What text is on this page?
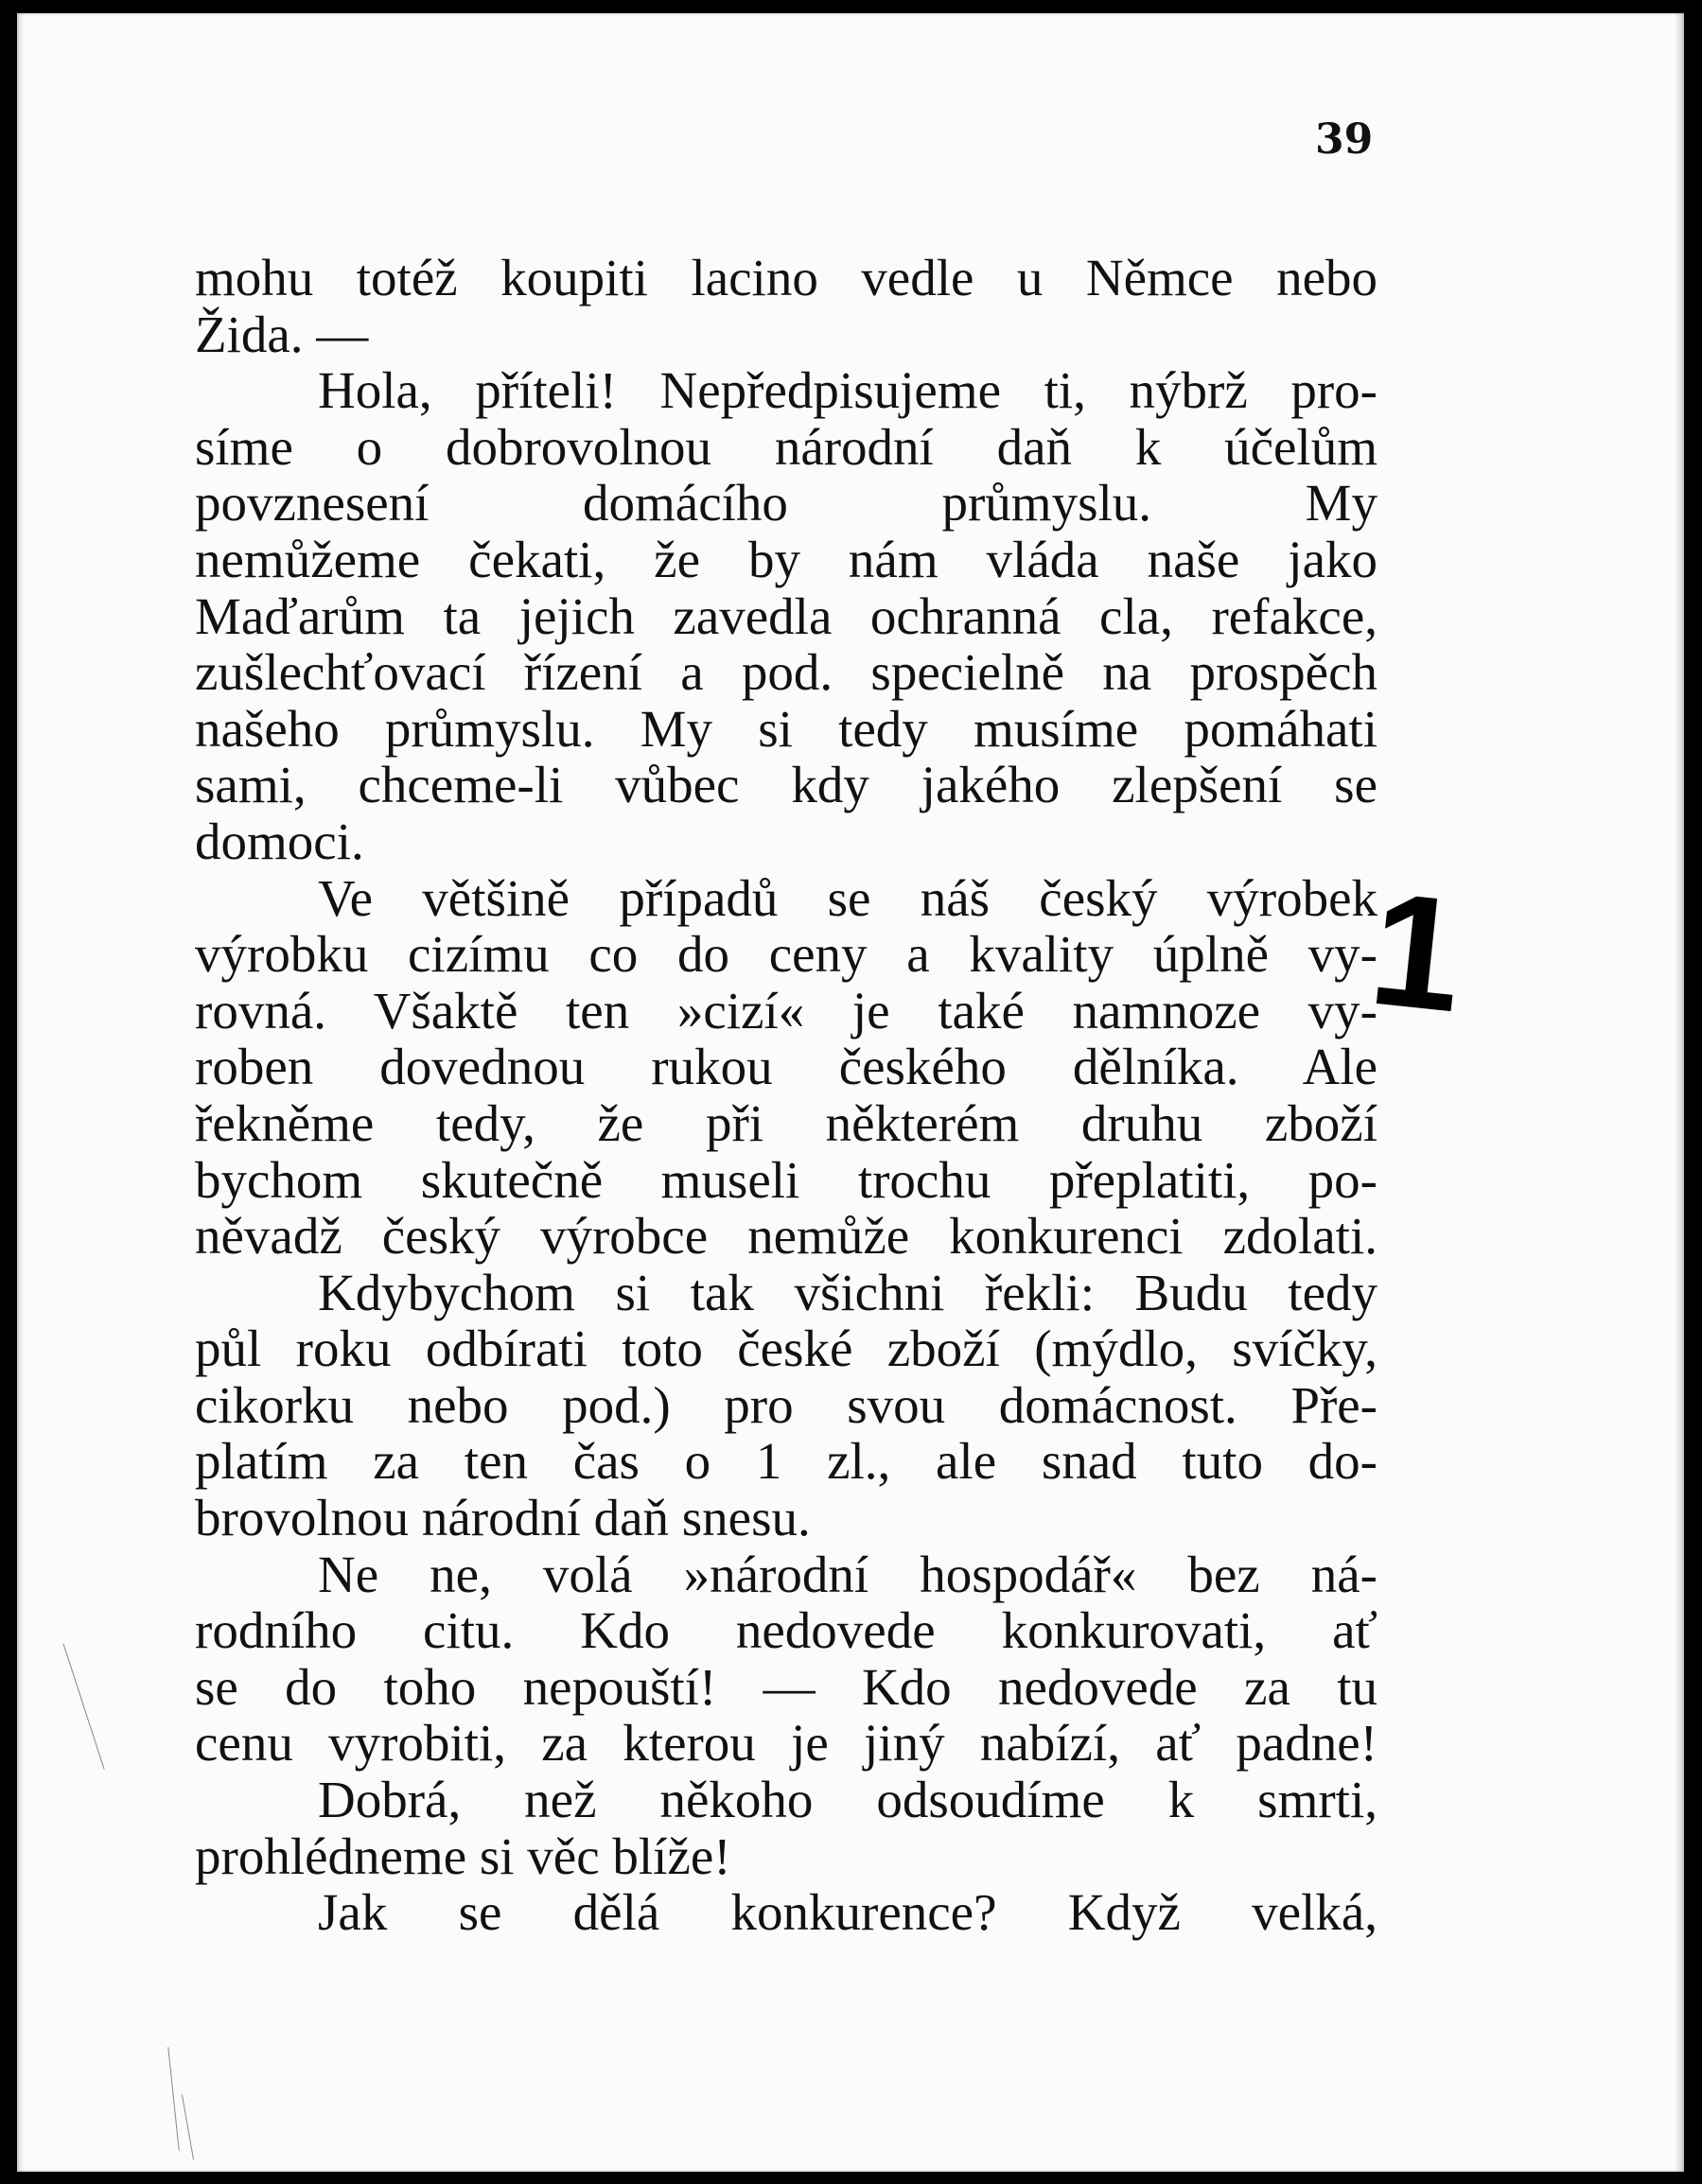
39
mohu totéž koupiti lacino vedle u Němce nebo
Žida. —
Hola, příteli! Nepředpisujeme ti, nýbrž pro-
síme o dobrovolnou národní daň k účelům
povznesení domácího průmyslu. My
nemůžeme čekati, že by nám vláda naše jako
Maďarům ta jejich zavedla ochranná cla, refakce,
zušlechťovací řízení a pod. specielně na prospěch
našeho průmyslu. My si tedy musíme pomáhati
sami, chceme-li vůbec kdy jakého zlepšení se
domoci.
Ve většině případů se náš český výrobek
výrobku cizímu co do ceny a kvality úplně vy-
rovná. Všaktě ten »cizí« je také namnoze vy-
roben dovednou rukou českého dělníka. Ale
řekněme tedy, že při některém druhu zboží
bychom skutečně museli trochu přeplatiti, po-
něvadž český výrobce nemůže konkurenci zdolati.
Kdybychom si tak všichni řekli: Budu tedy
půl roku odbírati toto české zboží (mýdlo, svíčky,
cikorku nebo pod.) pro svou domácnost. Pře-
platím za ten čas o 1 zl., ale snad tuto do-
brovolnou národní daň snesu.
Ne ne, volá »národní hospodář« bez ná-
rodního citu. Kdo nedovede konkurovati, ať
se do toho nepouští! — Kdo nedovede za tu
cenu vyrobiti, za kterou je jiný nabízí, ať padne!
Dobrá, než někoho odsoudíme k smrti,
prohlédneme si věc blíže!
Jak se dělá konkurence? Když velká,
1
